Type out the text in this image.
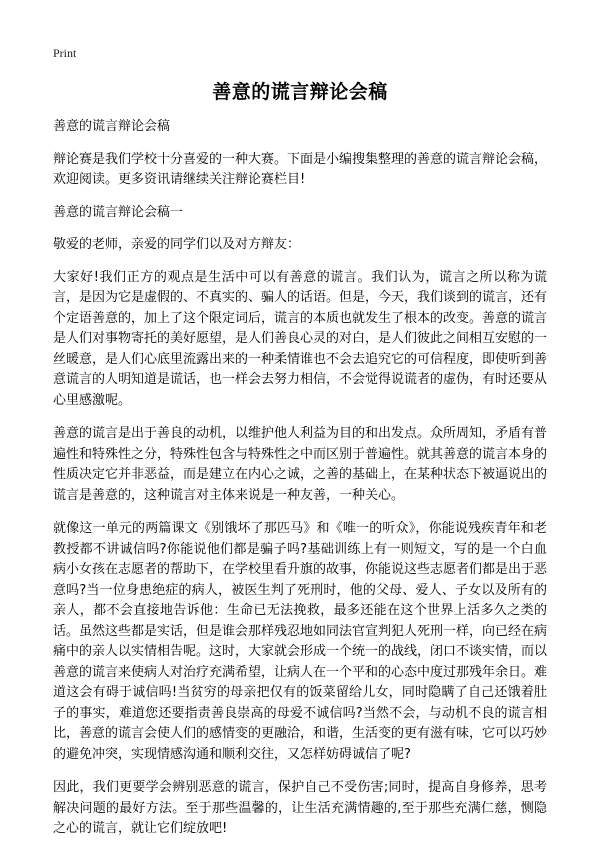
Print
善意的谎言辩论会稿

善意的谎言辩论会稿

辩论赛是我们学校十分喜爱的一种大赛。下面是小编搜集整理的善意的谎言辩论会稿，欢迎阅读。更多资讯请继续关注辩论赛栏目!

善意的谎言辩论会稿一

敬爱的老师，亲爱的同学们以及对方辩友：

大家好!我们正方的观点是生活中可以有善意的谎言。我们认为，谎言之所以称为谎言，是因为它是虚假的、不真实的、骗人的话语。但是，今天，我们谈到的谎言，还有个定语善意的，加上了这个限定词后，谎言的本质也就发生了根本的改变。善意的谎言是人们对事物寄托的美好愿望，是人们善良心灵的对白，是人们彼此之间相互安慰的一丝暖意，是人们心底里流露出来的一种柔情谁也不会去追究它的可信程度，即使听到善意谎言的人明知道是谎话，也一样会去努力相信，不会觉得说谎者的虚伪，有时还要从心里感激呢。

善意的谎言是出于善良的动机，以维护他人利益为目的和出发点。众所周知，矛盾有普遍性和特殊性之分，特殊性包含与特殊性之中而区别于普遍性。就其善意的谎言本身的性质决定它并非恶益，而是建立在内心之诚，之善的基础上，在某种状态下被逼说出的谎言是善意的，这种谎言对主体来说是一种友善，一种关心。

就像这一单元的两篇课文《别饿坏了那匹马》和《唯一的听众》，你能说残疾青年和老教授都不讲诚信吗?你能说他们都是骗子吗?基础训练上有一则短文，写的是一个白血病小女孩在志愿者的帮助下，在学校里看升旗的故事，你能说这些志愿者们都是出于恶意吗?当一位身患绝症的病人，被医生判了死刑时，他的父母、爱人、子女以及所有的亲人，都不会直接地告诉他：生命已无法挽救，最多还能在这个世界上活多久之类的话。虽然这些都是实话，但是谁会那样残忍地如同法官宣判犯人死刑一样，向已经在病痛中的亲人以实情相告呢。这时，大家就会形成一个统一的战线，闭口不谈实情，而以善意的谎言来使病人对治疗充满希望，让病人在一个平和的心态中度过那残年余日。难道这会有碍于诚信吗!当贫穷的母亲把仅有的饭菜留给儿女，同时隐瞒了自己还饿着肚子的事实，难道您还要指责善良崇高的母爱不诚信吗?当然不会，与动机不良的谎言相比，善意的谎言会使人们的感情变的更融洽，和谐，生活变的更有滋有味，它可以巧妙的避免冲突，实现情感沟通和顺利交往，又怎样妨碍诚信了呢?

因此，我们更要学会辨别恶意的谎言，保护自己不受伤害;同时，提高自身修养，思考解决问题的最好方法。至于那些温馨的，让生活充满情趣的,至于那些充满仁慈，恻隐之心的谎言，就让它们绽放吧!
